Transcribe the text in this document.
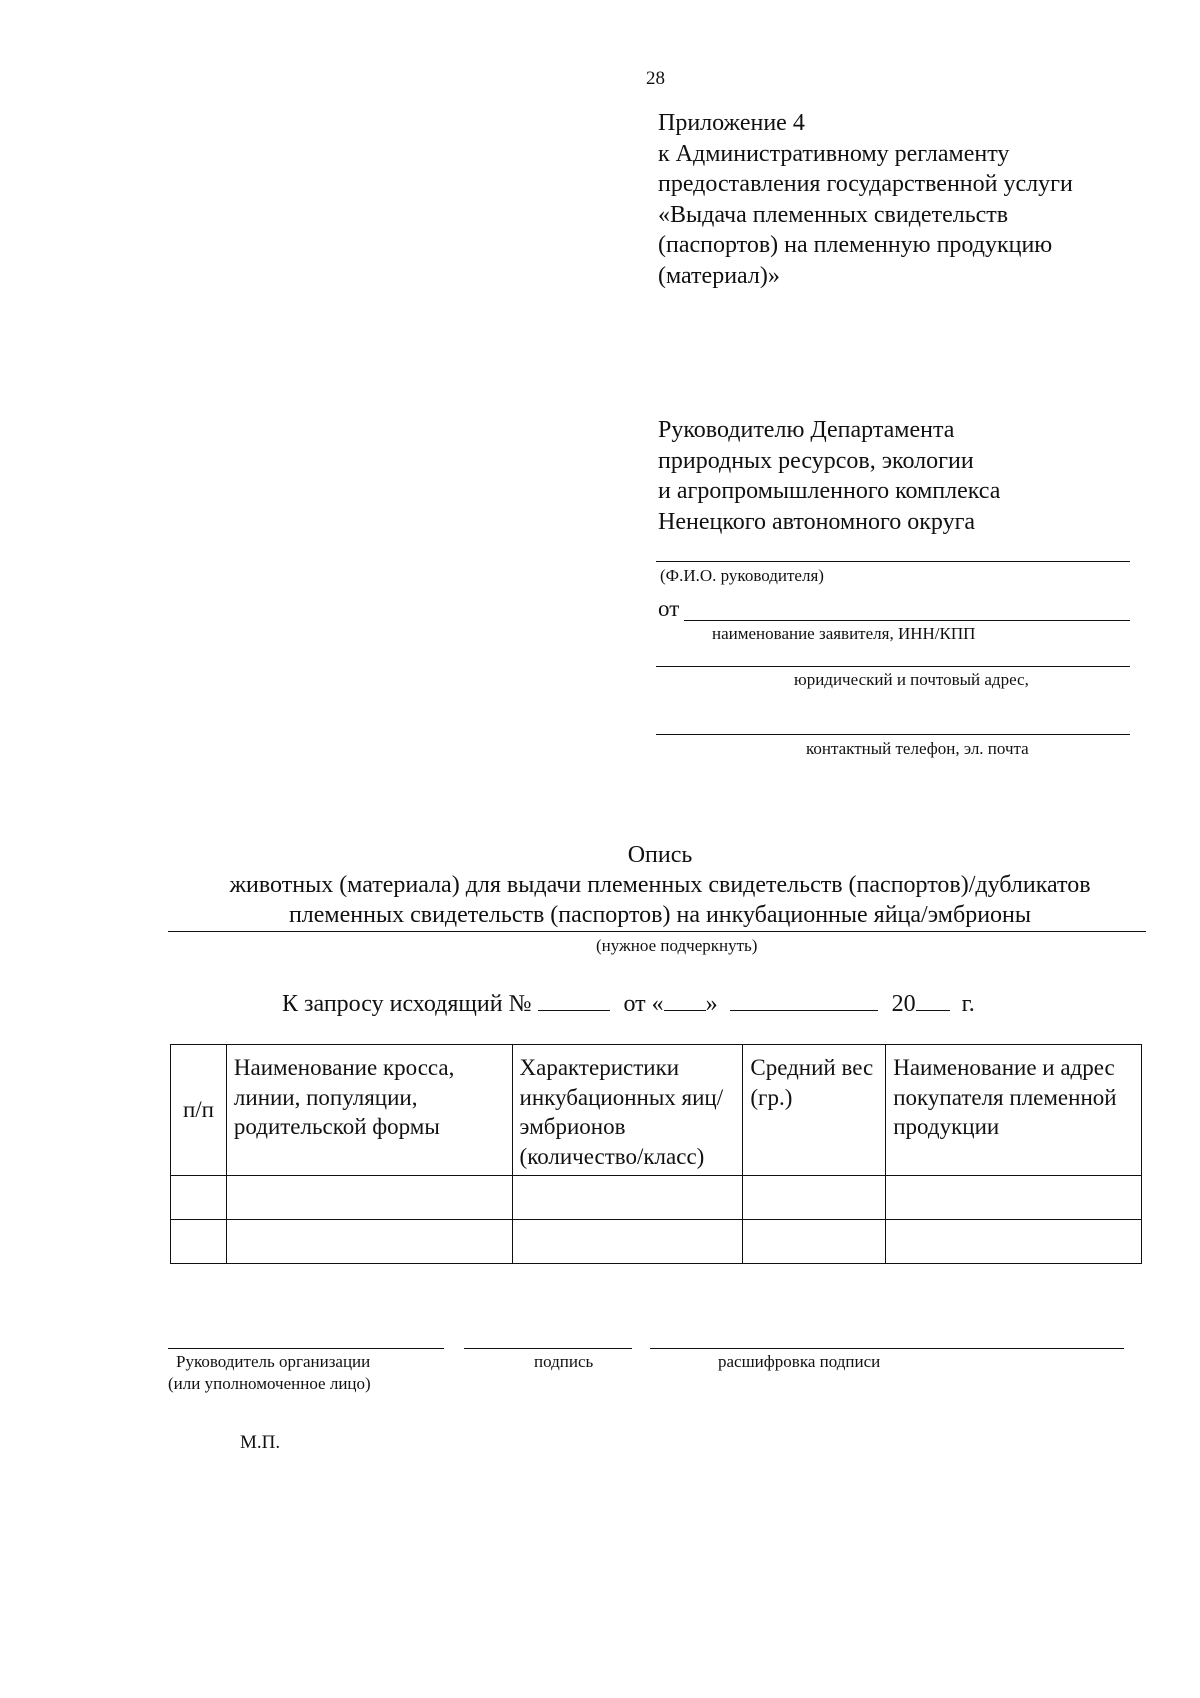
28
Приложение 4
к Административному регламенту
предоставления государственной услуги
«Выдача племенных свидетельств
(паспортов) на племенную продукцию
(материал)»
Руководителю Департамента
природных ресурсов, экологии
и агропромышленного комплекса
Ненецкого автономного округа
(Ф.И.О. руководителя)
от
наименование заявителя, ИНН/КПП
юридический и почтовый адрес,
контактный телефон, эл. почта
Опись
животных (материала) для выдачи племенных свидетельств (паспортов)/дубликатов
племенных свидетельств (паспортов) на инкубационные яйца/эмбрионы
(нужное подчеркнуть)
К запросу исходящий №	от « »	20 г.
п/п	Наименование кросса, линии, популяции, родительской формы	Характеристики инкубационных яиц/эмбрионов (количество/класс)	Средний вес (гр.)	Наименование и адрес покупателя племенной продукции

Руководитель организации
(или уполномоченное лицо)
подпись	расшифровка подписи
М.П.
